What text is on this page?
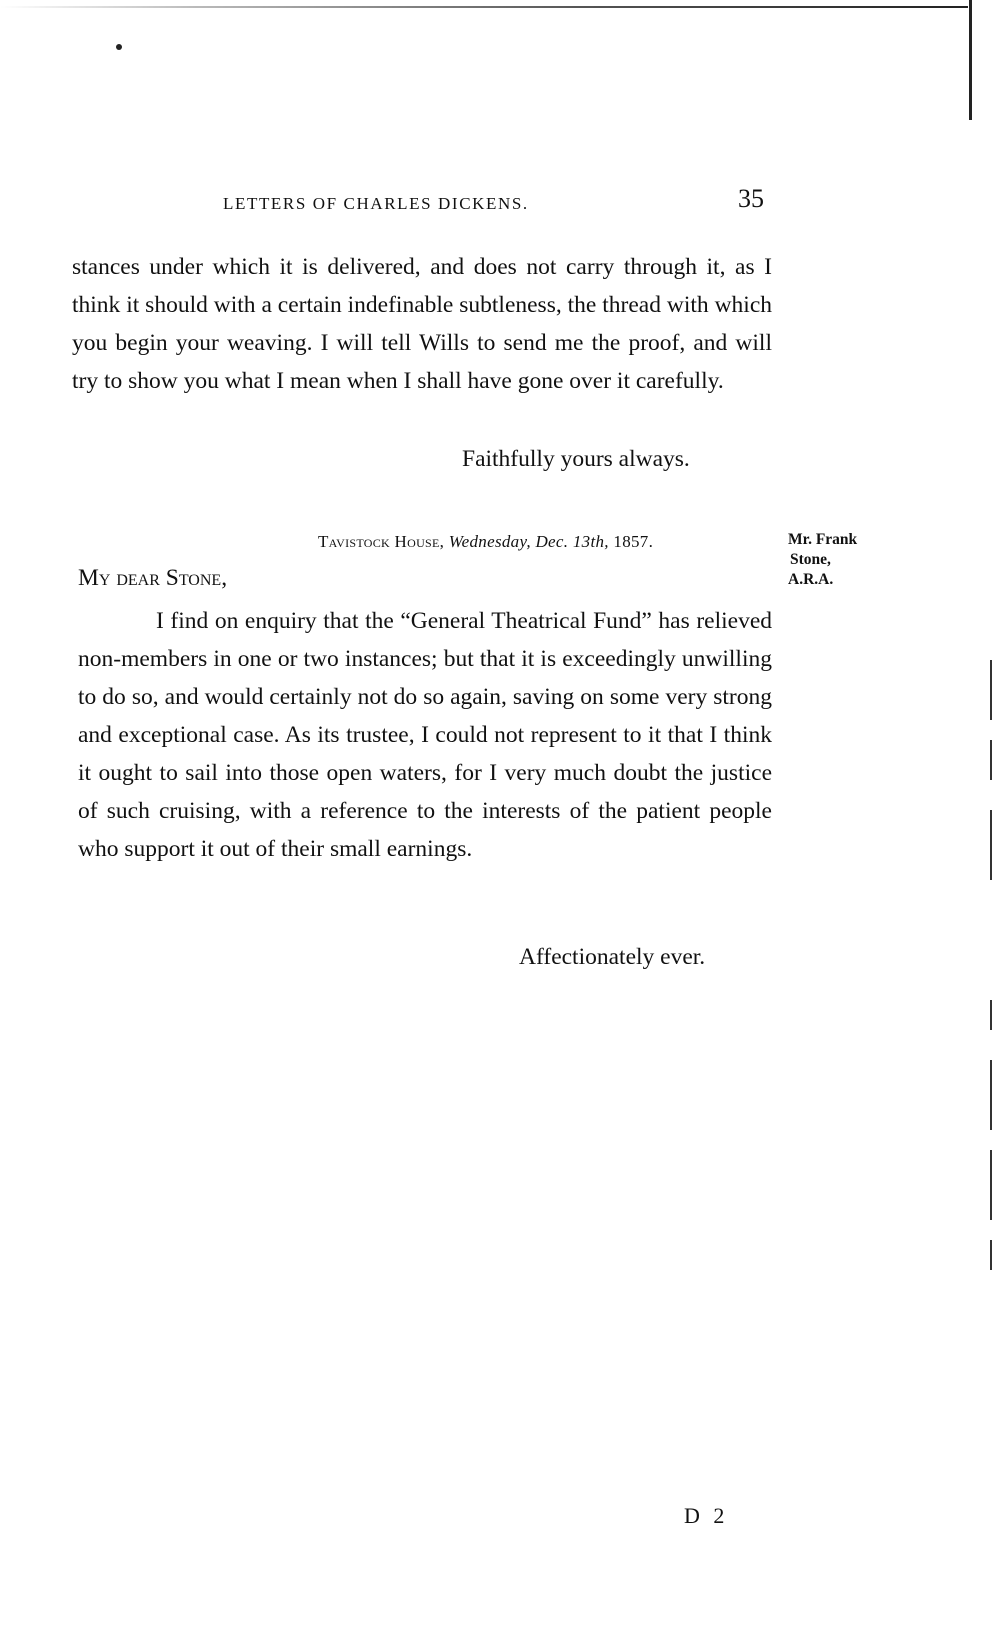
LETTERS OF CHARLES DICKENS.	35
stances under which it is delivered, and does not carry through it, as I think it should with a certain indefinable subtleness, the thread with which you begin your weaving. I will tell Wills to send me the proof, and will try to show you what I mean when I shall have gone over it carefully.
Faithfully yours always.
Tavistock House, Wednesday, Dec. 13th, 1857.	Mr. Frank
Stone,
A.R.A.
My dear Stone,
I find on enquiry that the “General Theatrical Fund” has relieved non-members in one or two instances; but that it is exceedingly unwilling to do so, and would certainly not do so again, saving on some very strong and exceptional case. As its trustee, I could not represent to it that I think it ought to sail into those open waters, for I very much doubt the justice of such cruising, with a reference to the interests of the patient people who support it out of their small earnings.
Affectionately ever.
D 2
